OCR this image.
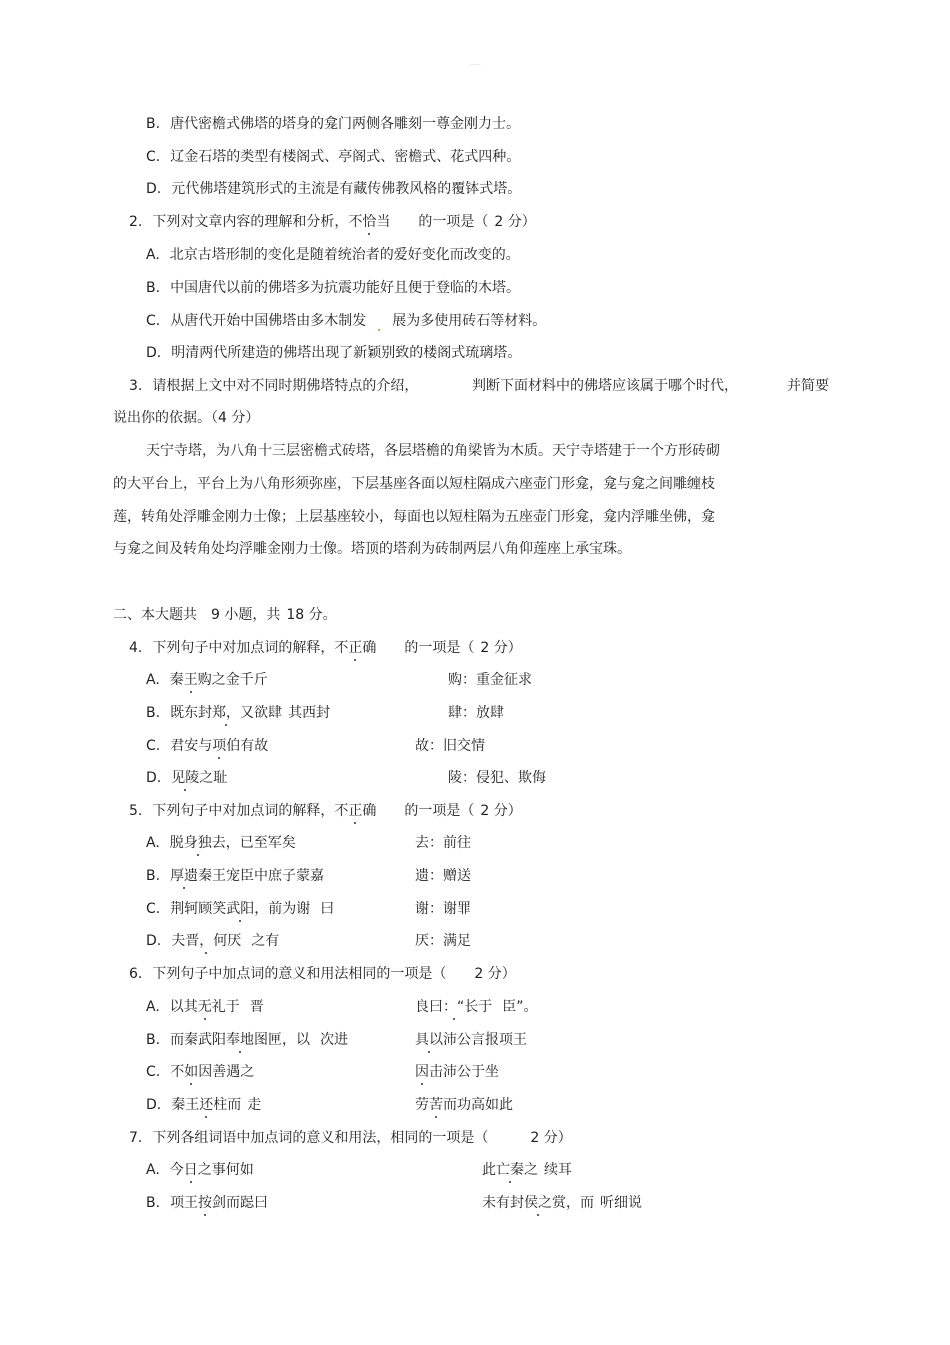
—·—
B. 唐代密檐式佛塔的塔身的龛门两侧各雕刻一尊金刚力士。
C. 辽金石塔的类型有楼阁式、亭阁式、密檐式、花式四种。
D. 元代佛塔建筑形式的主流是有藏传佛教风格的覆钵式塔。
2. 下列对文章内容的理解和分析，不恰当 的一项是（ 2 分）
A. 北京古塔形制的变化是随着统治者的爱好变化而改变的。
B. 中国唐代以前的佛塔多为抗震功能好且便于登临的木塔。
C. 从唐代开始中国佛塔由多木制发 展为多使用砖石等材料。
D. 明清两代所建造的佛塔出现了新颖别致的楼阁式琉璃塔。
3. 请根据上文中对不同时期佛塔特点的介绍，	判断下面材料中的佛塔应该属于哪个时代，	并简要
说出你的依据。（4 分）
天宁寺塔，为八角十三层密檐式砖塔，各层塔檐的角梁皆为木质。天宁寺塔建于一个方形砖砌
的大平台上，平台上为八角形须弥座，下层基座各面以短柱隔成六座壶门形龛，龛与龛之间雕缠枝
莲，转角处浮雕金刚力士像；上层基座较小，每面也以短柱隔为五座壶门形龛，龛内浮雕坐佛，龛
与龛之间及转角处均浮雕金刚力士像。塔顶的塔刹为砖制两层八角仰莲座上承宝珠。
二、本大题共 9 小题，共 18 分。
4. 下列句子中对加点词的解释，不正确 的一项是（ 2 分）
A. 秦王购之金千斤	购：重金征求
B. 既东封郑，又欲肆 其西封	肆：放肆
C. 君安与项伯有故	故：旧交情
D. 见陵之耻	陵：侵犯、欺侮
5. 下列句子中对加点词的解释，不正确 的一项是（ 2 分）
A. 脱身独去，已至军矣	去：前往
B. 厚遗秦王宠臣中庶子蒙嘉	遗：赠送
C. 荆轲顾笑武阳，前为谢 曰	谢：谢罪
D. 夫晋，何厌 之有	厌：满足
6. 下列句子中加点词的意义和用法相同的一项是（ 2 分）
A. 以其无礼于 晋	良曰：“长于 臣”。
B. 而秦武阳奉地图匣，以 次进	具以沛公言报项王
C. 不如因善遇之	因击沛公于坐
D. 秦王还柱而 走	劳苦而功高如此
7. 下列各组词语中加点词的意义和用法，相同的一项是（	2 分）
A. 今日之事何如	此亡秦之 续耳
B. 项王按剑而跽曰	未有封侯之赏，而 听细说
